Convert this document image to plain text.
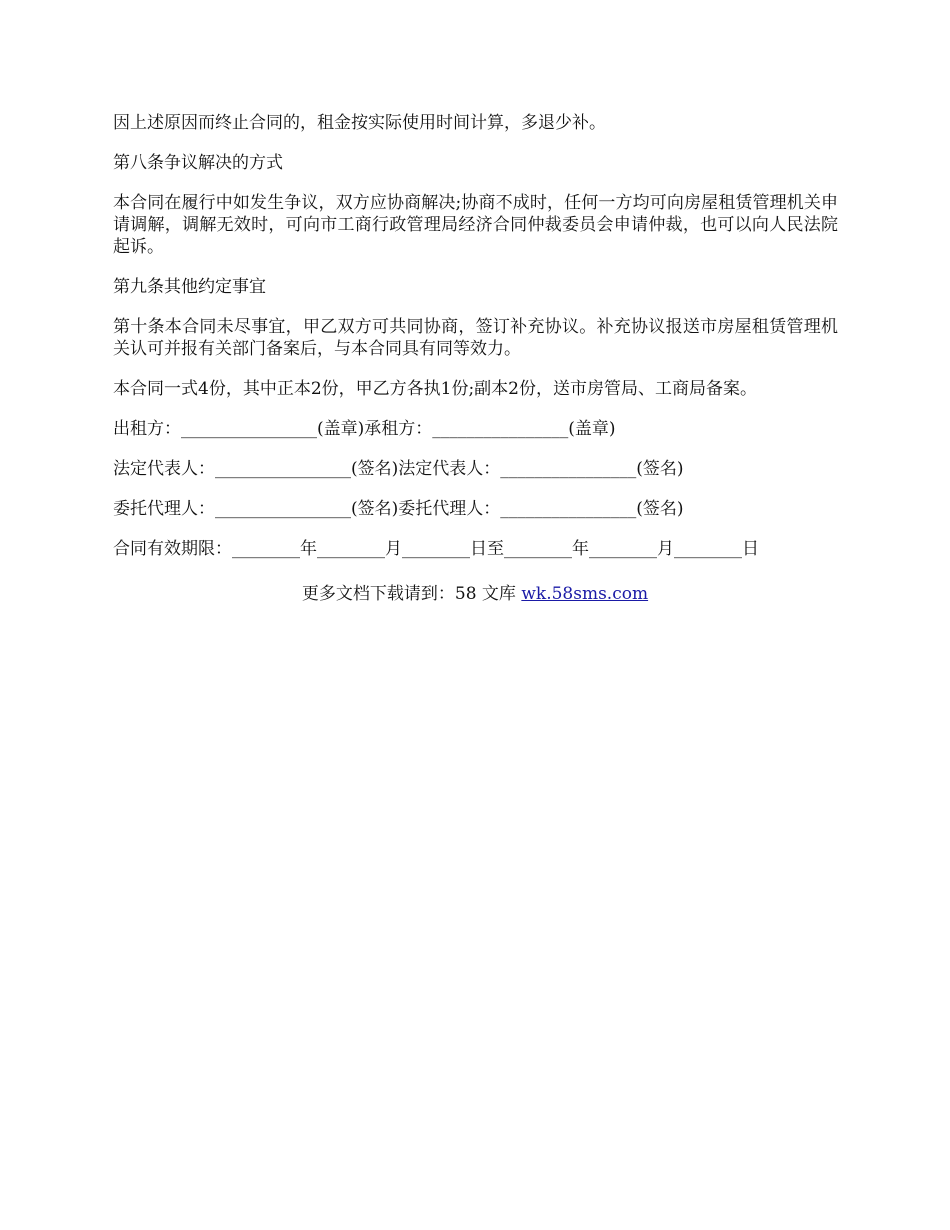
因上述原因而终止合同的，租金按实际使用时间计算，多退少补。

第八条争议解决的方式

本合同在履行中如发生争议，双方应协商解决;协商不成时，任何一方均可向房屋租赁管理机关申请调解，调解无效时，可向市工商行政管理局经济合同仲裁委员会申请仲裁，也可以向人民法院起诉。

第九条其他约定事宜

第十条本合同未尽事宜，甲乙双方可共同协商，签订补充协议。补充协议报送市房屋租赁管理机关认可并报有关部门备案后，与本合同具有同等效力。

本合同一式4份，其中正本2份，甲乙方各执1份;副本2份，送市房管局、工商局备案。

出租方：________________(盖章)承租方：________________(盖章)

法定代表人：________________(签名)法定代表人：________________(签名)

委托代理人：________________(签名)委托代理人：________________(签名)

合同有效期限：________年________月________日至________年________月________日

更多文档下载请到：58 文库 wk.58sms.com
